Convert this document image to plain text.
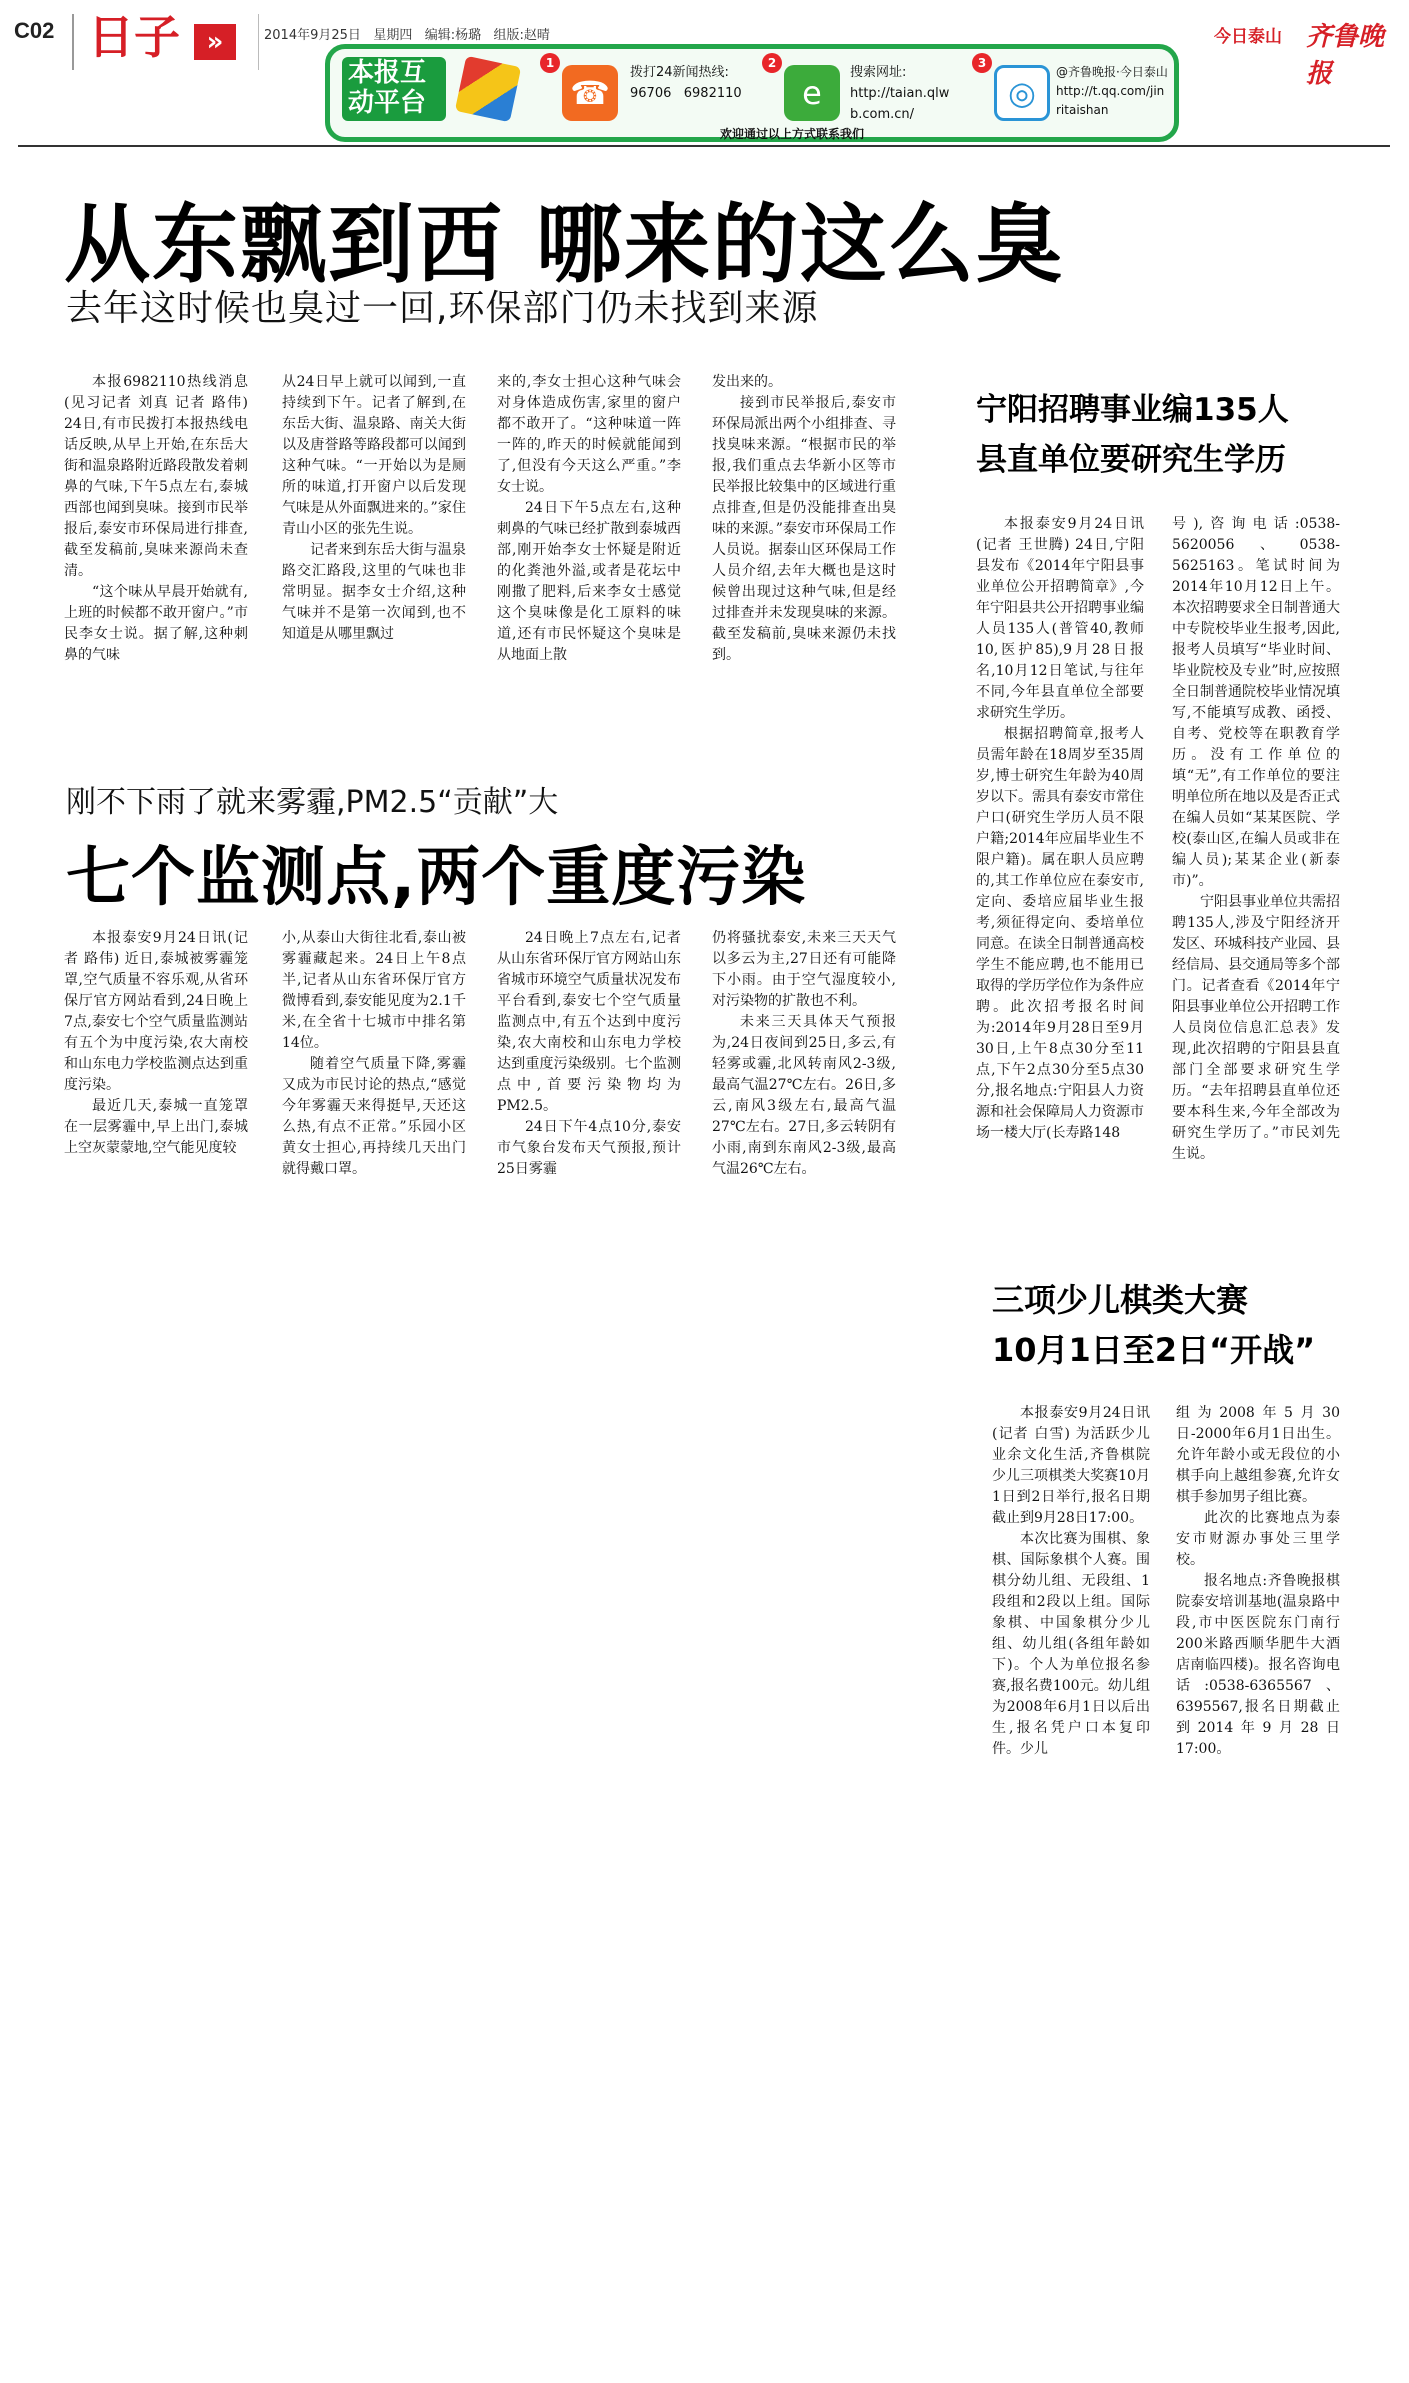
C02 日子	»	2014年9月25日 星期四 编辑:杨璐 组版:赵晴	今日泰山 齐鲁晚报
本报互动平台
1
☎
拨打24新闻热线:
96706   6982110
2
e
搜索网址:
http://taian.qlw
b.com.cn/
3
◎
@齐鲁晚报·今日泰山
http://t.qq.com/jin
ritaishan
欢迎通过以上方式联系我们
从东飘到西 哪来的这么臭
去年这时候也臭过一回,环保部门仍未找到来源

本报6982110热线消息(见习记者 刘真 记者 路伟) 24日,有市民拨打本报热线电话反映,从早上开始,在东岳大街和温泉路附近路段散发着刺鼻的气味,下午5点左右,泰城西部也闻到臭味。接到市民举报后,泰安市环保局进行排查,截至发稿前,臭味来源尚未查清。

“这个味从早晨开始就有,上班的时候都不敢开窗户。”市民李女士说。据了解,这种刺鼻的气味

从24日早上就可以闻到,一直持续到下午。记者了解到,在东岳大街、温泉路、南关大街以及唐誉路等路段都可以闻到这种气味。“一开始以为是厕所的味道,打开窗户以后发现气味是从外面飘进来的。”家住青山小区的张先生说。

记者来到东岳大街与温泉路交汇路段,这里的气味也非常明显。据李女士介绍,这种气味并不是第一次闻到,也不知道是从哪里飘过

来的,李女士担心这种气味会对身体造成伤害,家里的窗户都不敢开了。“这种味道一阵一阵的,昨天的时候就能闻到了,但没有今天这么严重。”李女士说。

24日下午5点左右,这种刺鼻的气味已经扩散到泰城西部,刚开始李女士怀疑是附近的化粪池外溢,或者是花坛中刚撒了肥料,后来李女士感觉这个臭味像是化工原料的味道,还有市民怀疑这个臭味是从地面上散

发出来的。

接到市民举报后,泰安市环保局派出两个小组排查、寻找臭味来源。“根据市民的举报,我们重点去华新小区等市民举报比较集中的区域进行重点排查,但是仍没能排查出臭味的来源。”泰安市环保局工作人员说。据泰山区环保局工作人员介绍,去年大概也是这时候曾出现过这种气味,但是经过排查并未发现臭味的来源。截至发稿前,臭味来源仍未找到。

刚不下雨了就来雾霾,PM2.5“贡献”大
七个监测点,两个重度污染

本报泰安9月24日讯(记者 路伟) 近日,泰城被雾霾笼罩,空气质量不容乐观,从省环保厅官方网站看到,24日晚上7点,泰安七个空气质量监测站有五个为中度污染,农大南校和山东电力学校监测点达到重度污染。

最近几天,泰城一直笼罩在一层雾霾中,早上出门,泰城上空灰蒙蒙地,空气能见度较

小,从泰山大街往北看,泰山被雾霾藏起来。24日上午8点半,记者从山东省环保厅官方微博看到,泰安能见度为2.1千米,在全省十七城市中排名第14位。

随着空气质量下降,雾霾又成为市民讨论的热点,“感觉今年雾霾天来得挺早,天还这么热,有点不正常。”乐园小区黄女士担心,再持续几天出门就得戴口罩。

24日晚上7点左右,记者从山东省环保厅官方网站山东省城市环境空气质量状况发布平台看到,泰安七个空气质量监测点中,有五个达到中度污染,农大南校和山东电力学校达到重度污染级别。七个监测点中,首要污染物均为PM2.5。

24日下午4点10分,泰安市气象台发布天气预报,预计25日雾霾

仍将骚扰泰安,未来三天天气以多云为主,27日还有可能降下小雨。由于空气湿度较小,对污染物的扩散也不利。

未来三天具体天气预报为,24日夜间到25日,多云,有轻雾或霾,北风转南风2-3级,最高气温27℃左右。26日,多云,南风3级左右,最高气温27℃左右。27日,多云转阴有小雨,南到东南风2-3级,最高气温26℃左右。

宁阳招聘事业编135人
县直单位要研究生学历

本报泰安9月24日讯(记者 王世腾) 24日,宁阳县发布《2014年宁阳县事业单位公开招聘简章》,今年宁阳县共公开招聘事业编人员135人(普管40,教师10,医护85),9月28日报名,10月12日笔试,与往年不同,今年县直单位全部要求研究生学历。

根据招聘简章,报考人员需年龄在18周岁至35周岁,博士研究生年龄为40周岁以下。需具有泰安市常住户口(研究生学历人员不限户籍;2014年应届毕业生不限户籍)。属在职人员应聘的,其工作单位应在泰安市,定向、委培应届毕业生报考,须征得定向、委培单位同意。在读全日制普通高校学生不能应聘,也不能用已取得的学历学位作为条件应聘。此次招考报名时间为:2014年9月28日至9月30日,上午8点30分至11点,下午2点30分至5点30分,报名地点:宁阳县人力资源和社会保障局人力资源市场一楼大厅(长寿路148

号),咨询电话:0538-5620056、0538-5625163。笔试时间为2014年10月12日上午。本次招聘要求全日制普通大中专院校毕业生报考,因此,报考人员填写“毕业时间、毕业院校及专业”时,应按照全日制普通院校毕业情况填写,不能填写成教、函授、自考、党校等在职教育学历。没有工作单位的填“无”,有工作单位的要注明单位所在地以及是否正式在编人员如“某某医院、学校(泰山区,在编人员或非在编人员);某某企业(新泰市)”。

宁阳县事业单位共需招聘135人,涉及宁阳经济开发区、环城科技产业园、县经信局、县交通局等多个部门。记者查看《2014年宁阳县事业单位公开招聘工作人员岗位信息汇总表》发现,此次招聘的宁阳县县直部门全部要求研究生学历。“去年招聘县直单位还要本科生来,今年全部改为研究生学历了。”市民刘先生说。

三项少儿棋类大赛
10月1日至2日“开战”

本报泰安9月24日讯(记者 白雪) 为活跃少儿业余文化生活,齐鲁棋院少儿三项棋类大奖赛10月1日到2日举行,报名日期截止到9月28日17:00。

本次比赛为围棋、象棋、国际象棋个人赛。围棋分幼儿组、无段组、1段组和2段以上组。国际象棋、中国象棋分少儿组、幼儿组(各组年龄如下)。个人为单位报名参赛,报名费100元。幼儿组为2008年6月1日以后出生,报名凭户口本复印件。少儿

组为2008年5月30日-2000年6月1日出生。允许年龄小或无段位的小棋手向上越组参赛,允许女棋手参加男子组比赛。

此次的比赛地点为泰安市财源办事处三里学校。

报名地点:齐鲁晚报棋院泰安培训基地(温泉路中段,市中医医院东门南行200米路西顺华肥牛大酒店南临四楼)。报名咨询电话:0538-6365567、6395567,报名日期截止到2014年9月28日17:00。
